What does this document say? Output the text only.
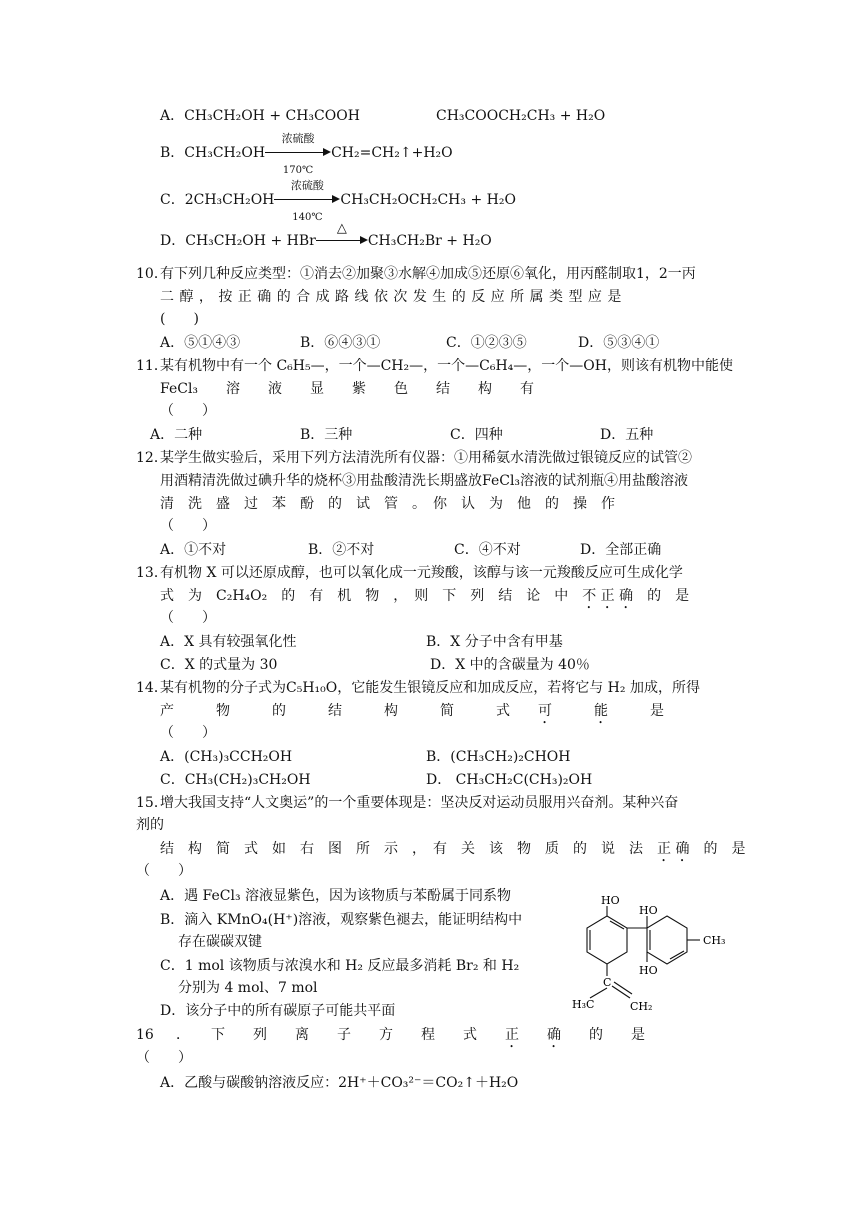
A．CH₃CH₂OH + CH₃COOH	CH₃COOCH₂CH₃ + H₂O
B．CH₃CH₂OH
浓硫酸
170℃
CH₂=CH₂↑+H₂O
C．2CH₃CH₂OH
浓硫酸
140℃
CH₃CH₂OCH₂CH₃ + H₂O
D．CH₃CH₂OH + HBr
△
CH₃CH₂Br + H₂O
10．
有下列几种反应类型：①消去②加聚③水解④加成⑤还原⑥氧化，用丙醛制取1，2一丙
二 醇 ， 按 正 确 的 合 成 路 线 依 次 发 生 的 反 应 所 属 类 型 应 是
(　　)
A．⑤①④③	B．⑥④③①	C．①②③⑤	D．⑤③④①
11．
某有机物中有一个 C₆H₅—，一个—CH₂—，一个—C₆H₄—，一个—OH，则该有机物中能使
FeCl₃　　溶　　液　　显　　紫　　色　　结　　构　　有
（　　）
A．二种	B．三种	C．四种	D．五种
12．
某学生做实验后，采用下列方法清洗所有仪器：①用稀氨水清洗做过银镜反应的试管②
用酒精清洗做过碘升华的烧杯③用盐酸清洗长期盛放FeCl₃溶液的试剂瓶④用盐酸溶液
清　洗　盛　过　苯　酚　的　试　管　。　你　认　为　他　的　操　作
（　　）
A．①不对	B．②不对	C．④不对	D．全部正确
13．
有机物 X 可以还原成醇，也可以氧化成一元羧酸，该醇与该一元羧酸反应可生成化学
式　为　C₂H₄O₂　的　有　机　物　，　则　下　列　结　论　中　 不 正 确　 的　是
（　　）
A．X 具有较强氧化性	B．X 分子中含有甲基
C．X 的式量为 30	D．X 中的含碳量为 40％
14．
某有机物的分子式为C₅H₁₀O，它能发生银镜反应和加成反应，若将它与 H₂ 加成，所得
产　　　物　　　的　　　结　　　构　　　简　　　式　　 可　　　能　　　	是
（　　）
A．(CH₃)₃CCH₂OH	B．(CH₃CH₂)₂CHOH
C．CH₃(CH₂)₃CH₂OH	D． CH₃CH₂C(CH₃)₂OH
15．
增大我国支持“人文奥运”的一个重要体现是：坚决反对运动员服用兴奋剂。某种兴奋
剂的
结　构　简　式　如　右　图　所　示　，　有　关　该　物　质　的　说　法　 正 确　 的　是
（　　）
A．遇 FeCl₃ 溶液显紫色，因为该物质与苯酚属于同系物
B．滴入 KMnO₄(H⁺)溶液，观察紫色褪去，能证明结构中
存在碳碳双键
C．1 mol 该物质与浓溴水和 H₂ 反应最多消耗 Br₂ 和 H₂
分别为 4 mol、7 mol
D．该分子中的所有碳原子可能共平面
HO
HO
HO
CH₃
C
H₃C	CH₂
16 ．　　下　　列　　离　　子　　方　　程　　式　　 正　　确　　 的　　是
（　　）
A．乙酸与碳酸钠溶液反应：2H⁺＋CO₃²⁻＝CO₂↑＋H₂O
